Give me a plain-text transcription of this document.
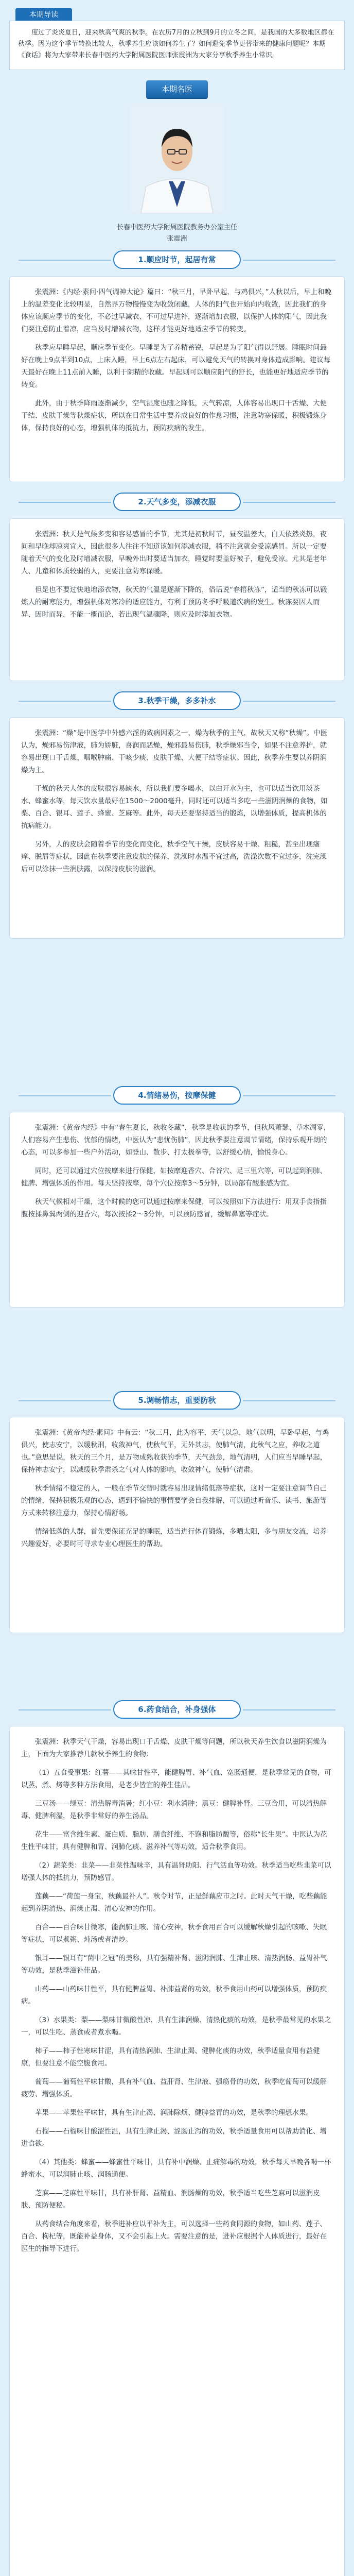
本期导读

度过了炎炎夏日，迎来秋高气爽的秋季。在农历7月的立秋到9月的立冬之间，是我国的大多数地区都在秋季。因为这个季节转换比较大，秋季养生应该如何养生了？如何避免季节更替带来的健康问题呢？本期《食话》将为大家带来长春中医药大学附属医院医师张震洲为大家分享秋季养生小常识。

本期名医
长春中医药大学附属医院教务办公室主任
张震洲
1.顺应时节，起居有常

张震洲：《内经·素问·四气调神大论》篇曰：“秋三月，早卧早起，与鸡俱兴，”人秋以后，早上和晚上的温差变化比较明显，自然界万物慢慢变为收敛闭藏，人体的阳气也开始向内收敛，因此我们的身体应该顺应季节的变化，不必过早减衣、不可过早进补，逐渐增加衣服，以保护人体的阳气，因此我们要注意防止着凉，应当及时增减衣物，这样才能更好地适应季节的转变。

秋季应早睡早起，顺应季节变化。早睡是为了养精蓄锐，早起是为了阳气得以舒展。睡眠时间最好在晚上9点半到10点，上床入睡，早上6点左右起床，可以避免天气的转换对身体造成影响。建议每天最好在晚上11点前入睡，以利于阴精的收藏。早起则可以顺应阳气的舒长，也能更好地适应季节的转变。

此外，由于秋季降雨逐渐减少，空气湿度也随之降低，天气转凉，人体容易出现口干舌燥、大便干结、皮肤干燥等秋燥症状，所以在日常生活中要养成良好的作息习惯，注意防寒保暖，积极锻炼身体，保持良好的心态，增强机体的抵抗力，预防疾病的发生。

2.天气多变，添减衣服

张震洲：秋天是气候多变和容易感冒的季节，尤其是初秋时节，昼夜温差大，白天依然炎热，夜间和早晚却凉爽宜人，因此很多人往往不知道该如何添减衣服，稍不注意就会受凉感冒。所以一定要随着天气的变化及时增减衣服，早晚外出时要适当加衣，睡觉时要盖好被子，避免受凉。尤其是老年人、儿童和体质较弱的人，更要注意防寒保暖。

但是也不要过快地增添衣物，秋天的气温是逐渐下降的，俗话说“春捂秋冻”，适当的秋冻可以锻炼人的耐寒能力，增强机体对寒冷的适应能力，有利于预防冬季呼吸道疾病的发生。秋冻要因人而异、因时而异，不能一概而论，若出现气温骤降，则应及时添加衣物。

3.秋季干燥，多多补水

张震洲：“燥”是中医学中外感六淫的致病因素之一，燥为秋季的主气，故秋天又称“秋燥”。中医认为，燥邪易伤津液，肺为娇脏，喜润而恶燥，燥邪最易伤肺，秋季燥邪当令，如果不注意养护，就容易出现口干舌燥、咽喉肿痛、干咳少痰、皮肤干燥、大便干结等症状。因此，秋季养生要以养阴润燥为主。

干燥的秋天人体的皮肤很容易缺水，所以我们要多喝水，以白开水为主，也可以适当饮用淡茶水、蜂蜜水等，每天饮水量最好在1500～2000毫升，同时还可以适当多吃一些滋阴润燥的食物，如梨、百合、银耳、莲子、蜂蜜、芝麻等。此外，每天还要坚持适当的锻炼，以增强体质，提高机体的抗病能力。

另外，人的皮肤会随着季节的变化而变化，秋季空气干燥，皮肤容易干燥、粗糙，甚至出现瘙痒、脱屑等症状，因此在秋季要注意皮肤的保养，洗澡时水温不宜过高，洗澡次数不宜过多，洗完澡后可以涂抹一些润肤露，以保持皮肤的滋润。

4.情绪易伤，按摩保健

张震洲：《黄帝内经》中有“春生夏长，秋收冬藏”，秋季是收获的季节，但秋风萧瑟、草木凋零，人们容易产生悲伤、忧郁的情绪，中医认为“悲忧伤肺”，因此秋季要注意调节情绪，保持乐观开朗的心态，可以多参加一些户外活动，如登山、散步、打太极拳等，以舒缓心情，愉悦身心。

同时，还可以通过穴位按摩来进行保健，如按摩迎香穴、合谷穴、足三里穴等，可以起到润肺、健脾、增强体质的作用。每天坚持按摩，每个穴位按摩3～5分钟，以局部有酸胀感为宜。

秋天气候相对干燥，这个时候的您可以通过按摩来保健，可以按照如下方法进行：用双手食指指腹按揉鼻翼两侧的迎香穴，每次按揉2～3分钟，可以预防感冒，缓解鼻塞等症状。

5.调畅情志，重要防秋

张震洲：《黄帝内经·素问》中有云：“秋三月，此为容平，天气以急，地气以明，早卧早起，与鸡俱兴，使志安宁，以缓秋刑，收敛神气，使秋气平，无外其志，使肺气清，此秋气之应，养收之道也。”意思是说，秋天的三个月，是万物成熟收获的季节，天气劲急，地气清明，人们应当早睡早起，保持神志安宁，以减缓秋季肃杀之气对人体的影响，收敛神气，使肺气清肃。

秋季情绪不稳定的人，一般在季节交替时就容易出现情绪低落等症状，这时一定要注意调节自己的情绪，保持积极乐观的心态，遇到不愉快的事情要学会自我排解，可以通过听音乐、读书、旅游等方式来转移注意力，保持心情舒畅。

情绪低落的人群，首先要保证充足的睡眠，适当进行体育锻炼，多晒太阳，多与朋友交流，培养兴趣爱好，必要时可寻求专业心理医生的帮助。

6.药食结合，补身强体

张震洲：秋季天气干燥，容易出现口干舌燥、皮肤干燥等问题，所以秋天养生饮食以滋阴润燥为主，下面为大家推荐几款秋季养生的食物：

（1）五食受事果：红薯——其味甘性平，能健脾胃、补气血、宽肠通便，是秋季常见的食物，可以蒸、煮、烤等多种方法食用，是老少皆宜的养生佳品。

三豆汤——绿豆：清热解毒消暑；红小豆：利水消肿；黑豆：健脾补肾。三豆合用，可以清热解毒、健脾利湿，是秋季非常好的养生汤品。

花生——富含维生素、蛋白质、脂肪、膳食纤维、不饱和脂肪酸等，俗称“长生果”。中医认为花生性平味甘，具有健脾和胃、润肺化痰、滋养补气等功效，适合秋季食用。

（2）蔬菜类：韭菜——韭菜性温味辛，具有温肾助阳、行气活血等功效。秋季适当吃些韭菜可以增强人体的抵抗力，预防感冒。

莲藕——“荷莲一身宝，秋藕最补人”。秋令时节，正是鲜藕应市之时。此时天气干燥，吃些藕能起到养阴清热、润燥止渴、清心安神的作用。

百合——百合味甘微寒，能润肺止咳、清心安神，秋季食用百合可以缓解秋燥引起的咳嗽、失眠等症状，可以煮粥、炖汤或者清炒。

银耳——银耳有“菌中之冠”的美称，具有强精补肾、滋阴润肺、生津止咳、清热润肠、益胃补气等功效，是秋季滋补佳品。

山药——山药味甘性平，具有健脾益胃、补肺益肾的功效，秋季食用山药可以增强体质，预防疾病。

（3）水果类：梨——梨味甘微酸性凉，具有生津润燥、清热化痰的功效，是秋季最常见的水果之一，可以生吃、蒸食或者煮水喝。

柿子——柿子性寒味甘涩，具有清热润肺、生津止渴、健脾化痰的功效，秋季适量食用有益健康，但要注意不能空腹食用。

葡萄——葡萄性平味甘酸，具有补气血、益肝肾、生津液、强筋骨的功效，秋季吃葡萄可以缓解疲劳、增强体质。

苹果——苹果性平味甘，具有生津止渴、润肺除烦、健脾益胃的功效，是秋季的理想水果。

石榴——石榴味甘酸涩性温，具有生津止渴、涩肠止泻的功效，秋季适量食用可以帮助消化、增进食欲。

（4）其他类：蜂蜜——蜂蜜性平味甘，具有补中润燥、止痛解毒的功效，秋季每天早晚各喝一杯蜂蜜水，可以润肺止咳、润肠通便。

芝麻——芝麻性平味甘，具有补肝肾、益精血、润肠燥的功效，秋季适当吃些芝麻可以滋润皮肤、预防便秘。

从药食结合角度来看，秋季进补应以平补为主，可以选择一些药食同源的食物，如山药、莲子、百合、枸杞等，既能补益身体，又不会引起上火。需要注意的是，进补应根据个人体质进行，最好在医生的指导下进行。
